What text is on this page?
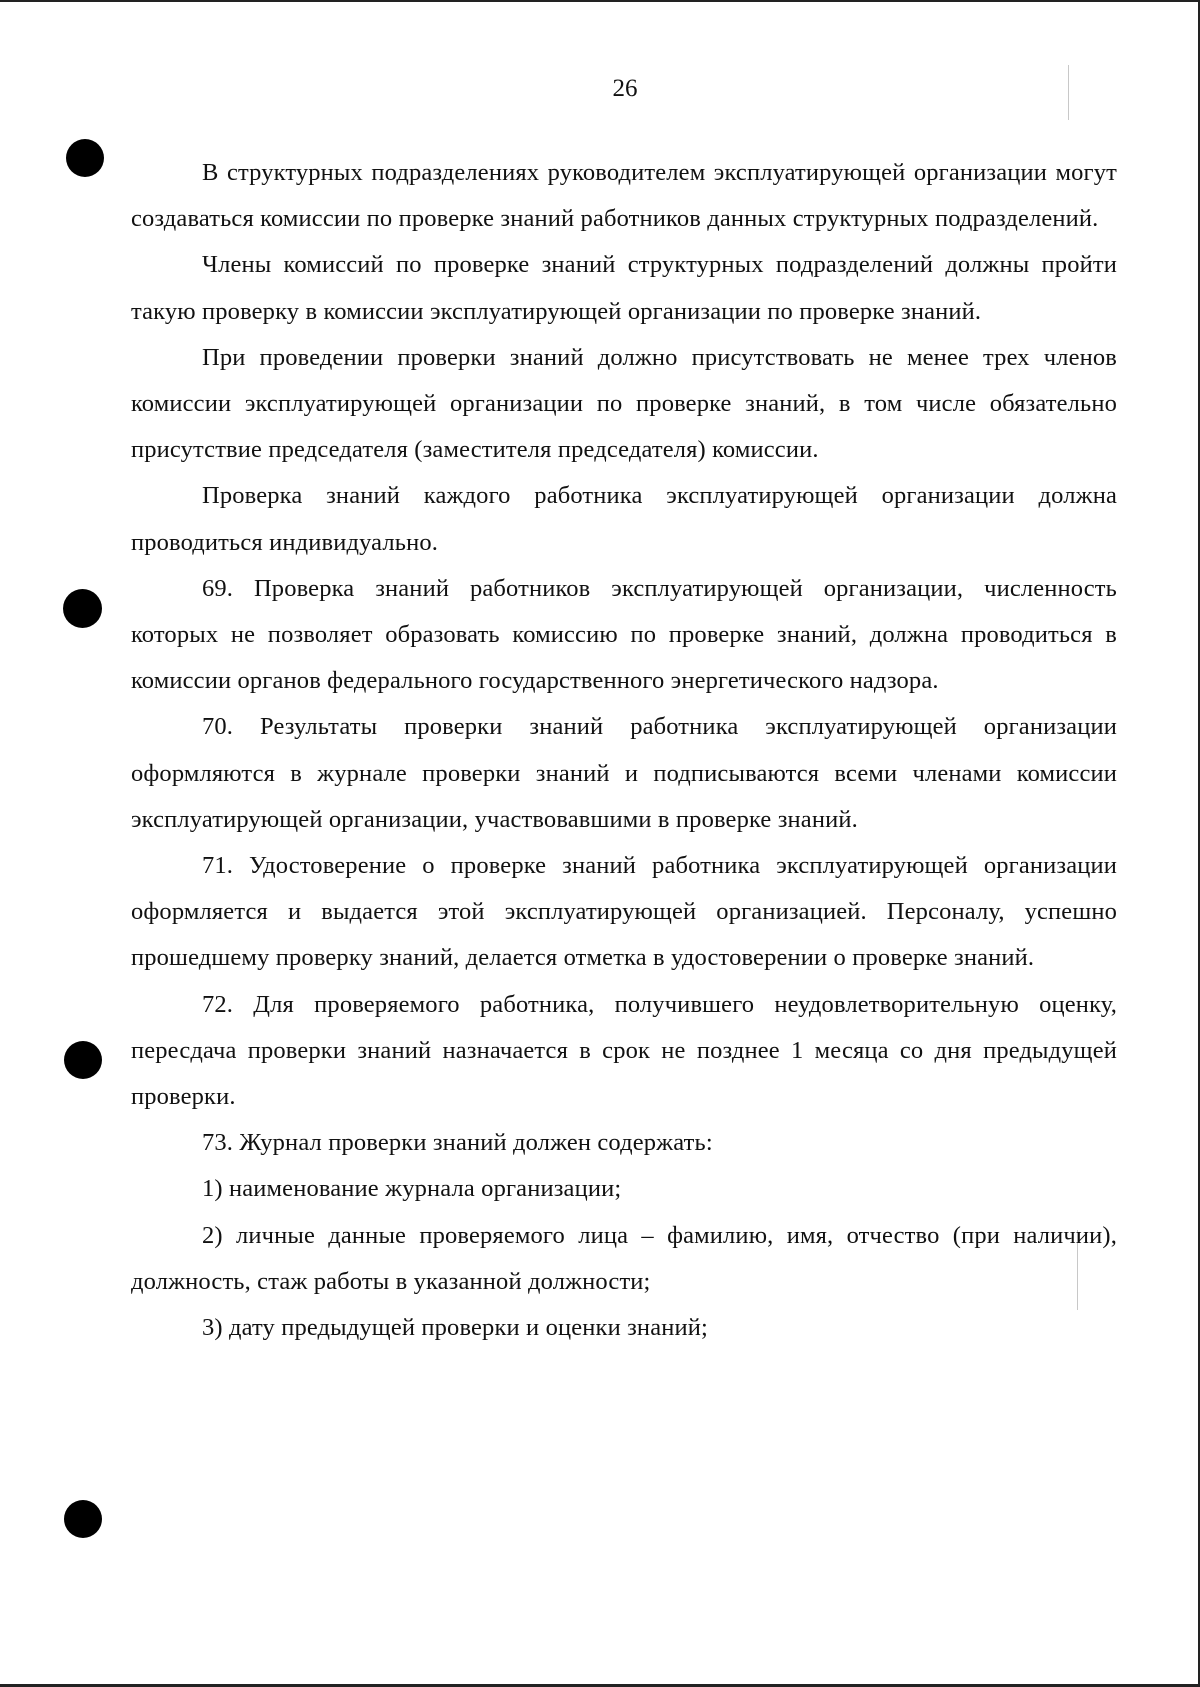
26

В структурных подразделениях руководителем эксплуатирующей организации могут создаваться комиссии по проверке знаний работников данных структурных подразделений.

Члены комиссий по проверке знаний структурных подразделений должны пройти такую проверку в комиссии эксплуатирующей организации по проверке знаний.

При проведении проверки знаний должно присутствовать не менее трех членов комиссии эксплуатирующей организации по проверке знаний, в том числе обязательно присутствие председателя (заместителя председателя) комиссии.

Проверка знаний каждого работника эксплуатирующей организации должна проводиться индивидуально.

69. Проверка знаний работников эксплуатирующей организации, численность которых не позволяет образовать комиссию по проверке знаний, должна проводиться в комиссии органов федерального государственного энергетического надзора.

70. Результаты проверки знаний работника эксплуатирующей организации оформляются в журнале проверки знаний и подписываются всеми членами комиссии эксплуатирующей организации, участвовавшими в проверке знаний.

71. Удостоверение о проверке знаний работника эксплуатирующей организации оформляется и выдается этой эксплуатирующей организацией. Персоналу, успешно прошедшему проверку знаний, делается отметка в удостоверении о проверке знаний.

72. Для проверяемого работника, получившего неудовлетворительную оценку, пересдача проверки знаний назначается в срок не позднее 1 месяца со дня предыдущей проверки.

73. Журнал проверки знаний должен содержать:

1) наименование журнала организации;

2) личные данные проверяемого лица – фамилию, имя, отчество (при наличии), должность, стаж работы в указанной должности;

3) дату предыдущей проверки и оценки знаний;
